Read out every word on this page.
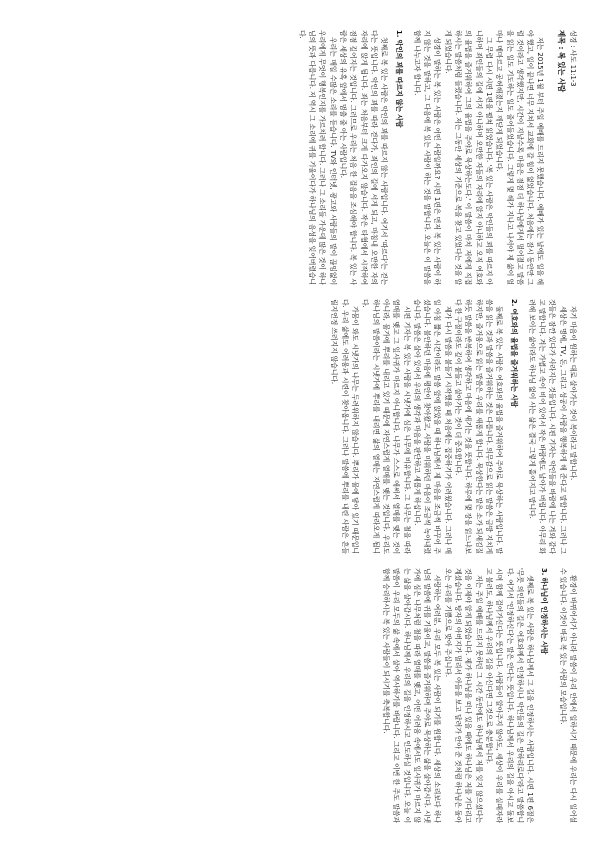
성경 : 사도 11:1-3
제목 : 복 있는 사람

저는 2015년 1월 부터 주일 예배를 드리지 못했습니다. 예배가 있는 날에도 일을 해야 했고, 일이 끝나면 너무 지쳐서 교회에 갈 힘이 없었습니다. 처음에는 잠시 동안만 그럴 것이라고 생각했지만, 시간이 지날수록 마음은 점점 더 하나님에게서 멀어졌고 말씀을 읽는 일도 기도하는 일도 줄어들었습니다. 그렇게 몇 해가 지나고 나서야 제 삶이 얼마나 메마르고 공허해졌는지 깨닫게 되었습니다.

그 무렵 다시 시편 1편을 펼쳐 읽었습니다. '복 있는 사람은 악인들의 꾀를 따르지 아니하며 죄인들의 길에 서지 아니하며 오만한 자들의 자리에 앉지 아니하고 오직 여호와의 율법을 즐거워하여 그의 율법을 주야로 묵상하는도다.' 이 말씀이 마치 저에게 직접 하시는 말씀처럼 들렸습니다. 저는 그동안 세상의 기준으로 복을 찾고 있었다는 것을 알게 되었습니다.

성경이 말하는 복 있는 사람은 어떤 사람일까요? 시편 1편은 먼저 복 있는 사람이 하지 않는 것을 말하고, 그 다음에 복 있는 사람이 하는 것을 말합니다. 오늘은 이 말씀을 함께 나누고자 합니다.

1. 악인의 꾀를 따르지 않는 사람

첫째로 복 있는 사람은 악인의 꾀를 따르지 않는 사람입니다. 여기서 '따르다'는 걷는다는 뜻입니다. 악인의 꾀를 따라 걷다가, 죄인의 길에 서게 되고, 마침내 오만한 자의 자리에 앉게 됩니다. 죄는 처음부터 크게 다가오지 않습니다. 작은 타협에서 시작하여 점점 깊어지는 것입니다. 그러므로 우리는 처음 한 걸음을 조심해야 합니다. 복 있는 사람은 세상의 유혹 앞에서 멈출 줄 아는 사람입니다.

우리는 매일 수많은 소리를 듣습니다. TV와 인터넷, 광고와 사람들의 말이 끊임없이 우리에게 무엇이 행복인지를 가르치려 합니다. 그러나 그 소리들 가운데 많은 것이 하나님의 뜻과 다릅니다. 저 역시 그 소리에 귀를 기울이다가 하나님의 음성을 잊어버렸습니다.

자기 마음이 원하는 대로 살아가는 것이 복이라고 말합니다.

세상은 명예, TV, 돈, 그리고 성공이 사람을 행복하게 해 준다고 말합니다. 그러나 그것들은 잠깐 있다가 사라지는 것들입니다. 시편 기자는 악인들을 바람에 나는 겨와 같다고 말합니다. 겨는 가볍고 속이 비어 있어서 작은 바람에도 날아가 버립니다. 아무리 화려해 보이는 삶이라도 하나님 없이 사는 삶은 결국 그렇게 흩어지고 맙니다.

2. 여호와의 율법을 즐거워하는 사람

둘째로 복 있는 사람은 여호와의 율법을 즐거워하여 주야로 묵상하는 사람입니다. 말씀을 읽는 것과 말씀을 즐거워하는 것은 다릅니다. 의무감으로 읽는 말씀은 금방 지치게 하지만, 즐거움으로 읽는 말씀은 우리를 새롭게 합니다. 묵상한다는 말은 소가 되새김질하듯 말씀을 반복하여 생각하고 마음에 새기는 것을 뜻합니다. 하루에 몇 장을 읽느냐보다 한 구절이라도 깊이 붙들고 살아가는 것이 더 중요합니다.

제가 다시 말씀을 붙들기 시작했을 때 처음에는 집중하기가 어려웠습니다. 그러나 매일 아침 짧은 시간이라도 말씀 앞에 앉았을 때 하나님께서 제 마음을 조금씩 바꾸어 주셨습니다. 불안하던 마음에 평안이 찾아왔고, 사람을 미워하던 마음이 조금씩 녹아내렸습니다. 말씀은 살아 있어서 우리의 생각과 마음을 판단하고 새롭게 하십니다.

시편 기자는 복 있는 사람을 시냇가에 심은 나무에 비유합니다. 그 나무는 철을 따라 열매를 맺고 그 잎사귀가 마르지 아니합니다. 나무가 스스로 애써서 열매를 맺는 것이 아니라, 물가에 뿌리를 내리고 있기 때문에 자연스럽게 열매를 맺는 것입니다. 우리도 하나님의 말씀이라는 시냇가에 뿌리를 내리면 삶의 열매는 자연스럽게 따라오게 됩니다.

가뭄이 와도 시냇가의 나무는 두려워하지 않습니다. 뿌리가 물에 닿아 있기 때문입니다. 우리 삶에도 어려움과 시련이 찾아옵니다. 그러나 말씀에 뿌리를 내린 사람은 흔들릴지언정 쓰러지지 않습니다.

환경이 바뀌어서가 아니라 말씀이 우리 안에서 일하시기 때문에 우리는 다시 일어설 수 있습니다. 이것이 바로 복 있는 사람의 모습입니다.

3. 하나님이 인정하시는 사람

셋째로 복 있는 사람은 하나님께서 그 길을 인정하시는 사람입니다. 시편 1편 6절은 '무릇 의인들의 길은 여호와께서 인정하시나 악인들의 길은 망하리로다'라고 말씀합니다. 여기서 '인정하신다'는 말은 안다는 뜻입니다. 하나님께서 우리의 길을 아시고 돌보시며 함께 걸어가신다는 뜻입니다. 사람들이 알아주지 않아도, 세상이 우리를 실패자라고 불러도, 하나님께서 우리의 길을 아신다면 그것으로 충분합니다.

저는 주일 예배를 드리지 못하던 그 시간 동안에도 하나님께서 저를 잊지 않으셨다는 것을 이제야 알게 되었습니다. 제가 하나님을 떠나 있을 때에도 하나님은 저를 기다리고 계셨습니다. 탕자의 아버지가 멀리서 아들을 보고 달려가 안아 준 것처럼 하나님은 돌아오는 우리를 기쁨으로 맞아 주십니다.

사랑하는 여러분, 우리 모두 복 있는 사람이 되기를 원합니다. 세상의 소리보다 하나님의 말씀에 귀를 기울이고, 말씀을 즐거워하며 주야로 묵상하는 삶을 살아갑시다. 시냇가에 심은 나무처럼 철을 따라 열매를 맺고, 어떤 어려움 속에서도 잎사귀가 마르지 않는 삶을 살아갑시다. 하나님께서 우리의 길을 인정하시고 인도하실 것입니다. 오늘 이 말씀이 우리 모두의 삶 속에서 살아 역사하기를 바랍니다. 그리고 이번 한 주도 말씀과 함께 승리하시는 복 있는 사람들이 되시기를 축복합니다.
